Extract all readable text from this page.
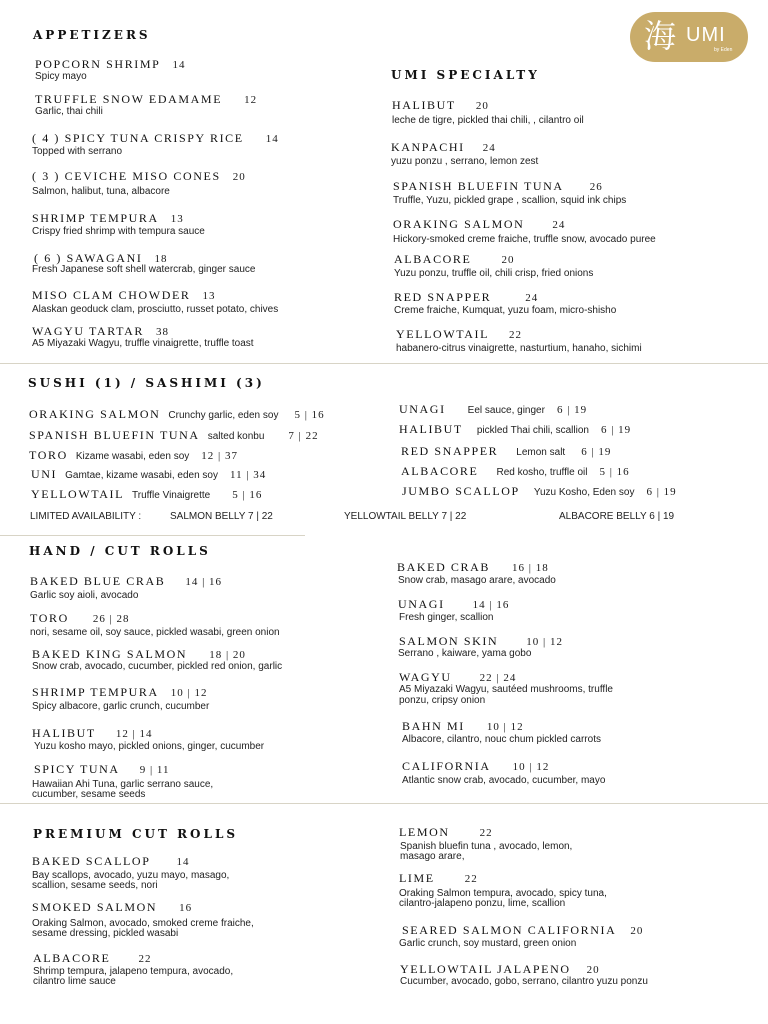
海 UMI
by Eden
APPETIZERS
POPCORN SHRIMP 14
Spicy mayo
TRUFFLE SNOW EDAMAME 12
Garlic, thai chili
( 4 ) SPICY TUNA CRISPY RICE 14
Topped with serrano
( 3 ) CEVICHE MISO CONES 20
Salmon, halibut, tuna, albacore
SHRIMP TEMPURA 13
Crispy fried shrimp with tempura sauce
( 6 ) SAWAGANI 18
Fresh Japanese soft shell watercrab, ginger sauce
MISO CLAM CHOWDER 13
Alaskan geoduck clam, prosciutto, russet potato, chives
WAGYU TARTAR 38
A5 Miyazaki Wagyu, truffle vinaigrette, truffle toast
UMI SPECIALTY
HALIBUT 20
leche de tigre, pickled thai chili, , cilantro oil
KANPACHI 24
yuzu ponzu , serrano, lemon zest
SPANISH BLUEFIN TUNA 26
Truffle, Yuzu, pickled grape , scallion, squid ink chips
ORAKING SALMON	24
Hickory-smoked creme fraiche, truffle snow, avocado puree
ALBACORE	20
Yuzu ponzu, truffle oil, chili crisp, fried onions
RED SNAPPER	24
Creme fraiche, Kumquat, yuzu foam, micro-shisho
YELLOWTAIL 22
habanero-citrus vinaigrette, nasturtium, hanaho, sichimi
SUSHI (1) / SASHIMI (3)
ORAKING SALMON Crunchy garlic, eden soy 5 | 16
SPANISH BLUEFIN TUNA salted konbu 7 | 22
TORO Kizame wasabi, eden soy 12 | 37
UNI Gamtae, kizame wasabi, eden soy 11 | 34
YELLOWTAIL Truffle Vinaigrette 5 | 16
UNAGI Eel sauce, ginger 6 | 19
HALIBUT pickled Thai chili, scallion 6 | 19
RED SNAPPER Lemon salt 6 | 19
ALBACORE Red kosho, truffle oil 5 | 16
JUMBO SCALLOP Yuzu Kosho, Eden soy 6 | 19
LIMITED AVAILABILITY :	SALMON BELLY 7 | 22	YELLOWTAIL BELLY 7 | 22	ALBACORE BELLY 6 | 19
HAND / CUT ROLLS
BAKED BLUE CRAB 14 | 16
Garlic soy aioli, avocado
TORO 26 | 28
nori, sesame oil, soy sauce, pickled wasabi, green onion
BAKED KING SALMON 18 | 20
Snow crab, avocado, cucumber, pickled red onion, garlic
SHRIMP TEMPURA 10 | 12
Spicy albacore, garlic crunch, cucumber
HALIBUT 12 | 14
Yuzu kosho mayo, pickled onions, ginger, cucumber
SPICY TUNA 9 | 11
Hawaiian Ahi Tuna, garlic serrano sauce,
cucumber, sesame seeds
BAKED CRAB 16 | 18
Snow crab, masago arare, avocado
UNAGI	14 | 16
Fresh ginger, scallion
SALMON SKIN	10 | 12
Serrano , kaiware, yama gobo
WAGYU	22 | 24
A5 Miyazaki Wagyu, sautéed mushrooms, truffle
ponzu, cripsy onion
BAHN MI 10 | 12
Albacore, cilantro, nouc chum pickled carrots
CALIFORNIA 10 | 12
Atlantic snow crab, avocado, cucumber, mayo
PREMIUM CUT ROLLS
BAKED SCALLOP 14
Bay scallops, avocado, yuzu mayo, masago,
scallion, sesame seeds, nori
SMOKED SALMON 16
Oraking Salmon, avocado, smoked creme fraiche,
sesame dressing, pickled wasabi
ALBACORE	22
Shrimp tempura, jalapeno tempura, avocado,
cilantro lime sauce
LEMON	22
Spanish bluefin tuna , avocado, lemon,
masago arare,
LIME	22
Oraking Salmon tempura, avocado, spicy tuna,
cilantro-jalapeno ponzu, lime, scallion
SEARED SALMON CALIFORNIA 20
Garlic crunch, soy mustard, green onion
YELLOWTAIL JALAPENO 20
Cucumber, avocado, gobo, serrano, cilantro yuzu ponzu
